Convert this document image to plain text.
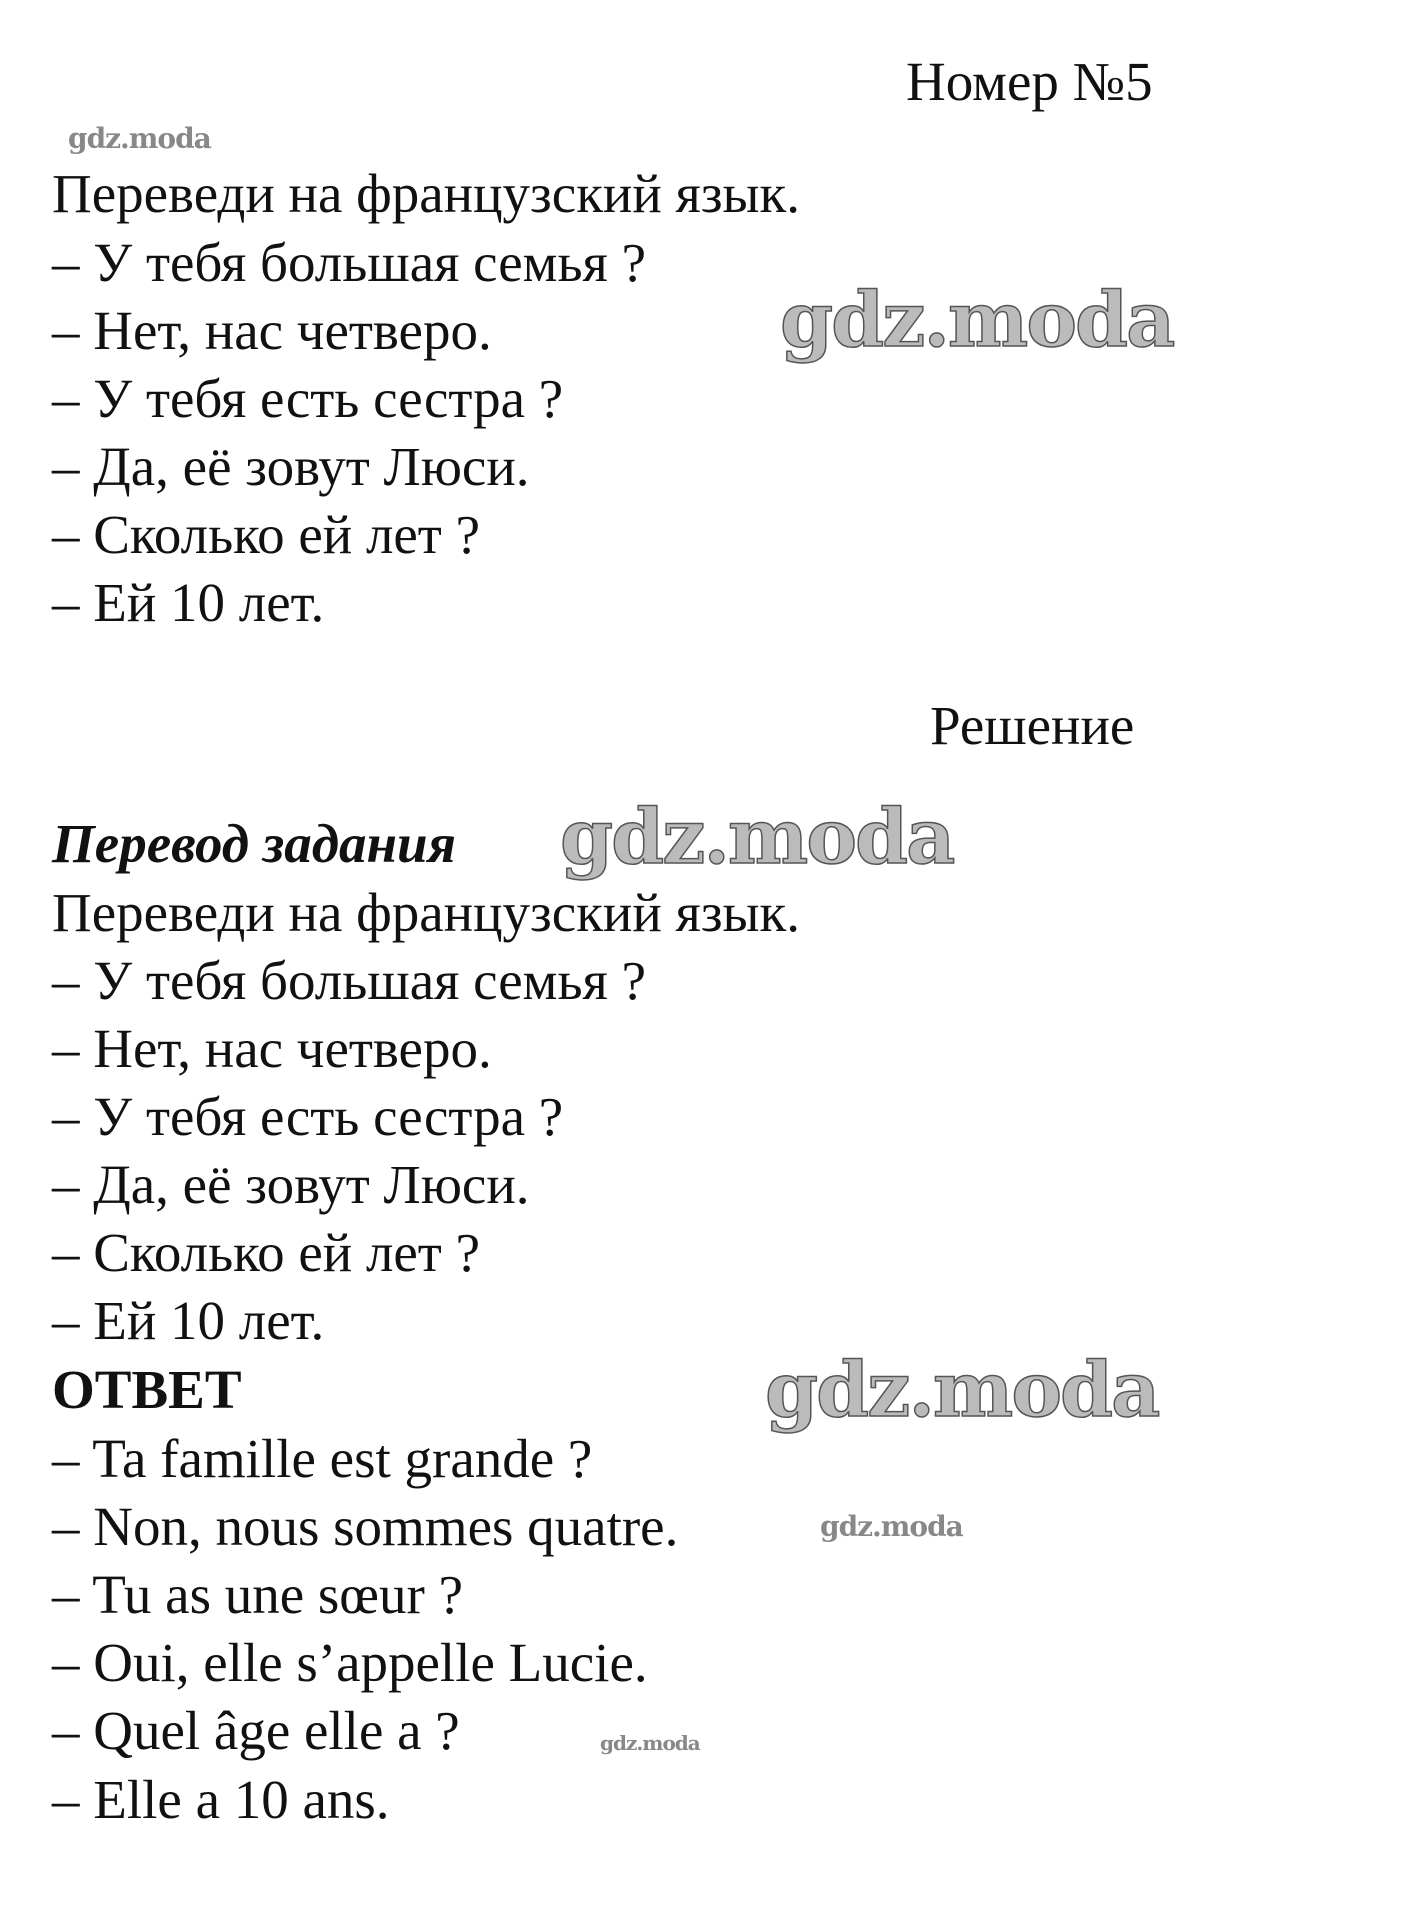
Номер №5
gdz.moda
Переведи на французский язык.
– У тебя большая семья ?
– Нет, нас четверо.	gdz.moda
– У тебя есть сестра ?
– Да, её зовут Люси.
– Сколько ей лет ?
– Ей 10 лет.
Решение
Перевод задания gdz.moda
Переведи на французский язык.
– У тебя большая семья ?
– Нет, нас четверо.
– У тебя есть сестра ?
– Да, её зовут Люси.
– Сколько ей лет ?
– Ей 10 лет.
ОТВЕТ	gdz.moda
– Ta famille est grande ?
gdz.moda
– Non, nous sommes quatre.
– Tu as une sœur ?
– Oui, elle s’appelle Lucie.
– Quel âge elle a ?	gdz.moda
– Elle a 10 ans.
